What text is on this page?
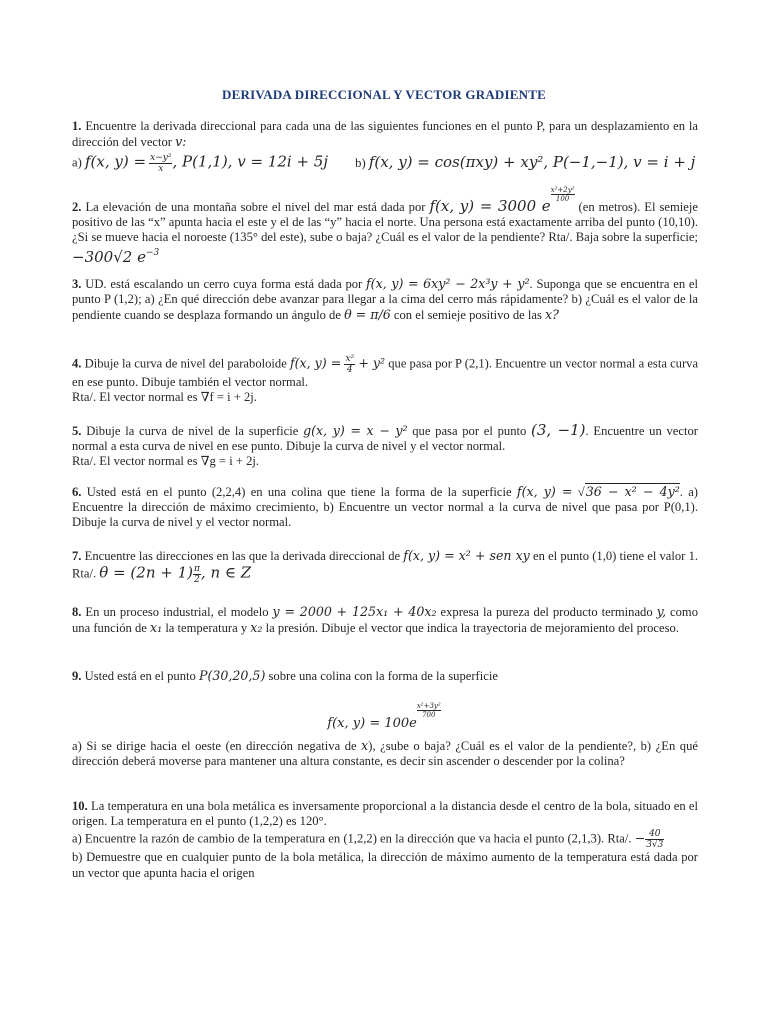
DERIVADA DIRECCIONAL Y VECTOR GRADIENTE
1. Encuentre la derivada direccional para cada una de las siguientes funciones en el punto P, para un desplazamiento en la dirección del vector v:
a) f(x, $y) = \frac{\text{x−y²}}{x}$ , P(1,1), v = 12i + 5j b) f(x, y) = cos(πxy) + xy², P(−1,−1), v = i + j
2. La elevación de una montaña sobre el nivel del mar está dada por f(x, y) = 3000 e
$\frac{\text{x²+2y²}}{100}$
(en metros). El semieje positivo de las “x” apunta hacia el este y el de las “y” hacia el norte. Una persona está exactamente arriba del punto (10,10). ¿Si se mueve hacia el noroeste (135° del este), sube o baja? ¿Cuál es el valor de la pendiente? Rta/. Baja sobre la superficie; −300√2 $e^{-3}$
3. UD. está escalando un cerro cuya forma está dada por f(x, y) = 6xy² − 2x³y + y². Suponga que se encuentra en el punto P (1,2); a) ¿En qué dirección debe avanzar para llegar a la cima del cerro más rápidamente? b) ¿Cuál es el valor de la pendiente cuando se desplaza formando un ángulo de θ = π/6 con el semieje positivo de las x?
4. Dibuje la curva de nivel del paraboloide f(x, $y) = \frac{\text{x²}}{4} + y^2$ que pasa por P (2,1). Encuentre un vector normal a esta curva en ese punto. Dibuje también el vector normal.
Rta/. El vector normal es ∇f = i + 2j.
5. Dibuje la curva de nivel de la superficie g(x, y) = x − y² que pasa por el punto (3, −1). Encuentre un vector normal a esta curva de nivel en ese punto. Dibuje la curva de nivel y el vector normal.
Rta/. El vector normal es ∇g = i + 2j.
6. Usted está en el punto (2,2,4) en una colina que tiene la forma de la superficie f(x, y) = √36 − x² − 4y². a) Encuentre la dirección de máximo crecimiento, b) Encuentre un vector normal a la curva de nivel que pasa por P(0,1). Dibuje la curva de nivel y el vector normal.
7. Encuentre las direcciones en las que la derivada direccional de f(x, y) = x² + sen xy en el punto (1,0) tiene el valor 1. Rta/. $\theta = (2n + 1) \frac{\pi}{2}$ , n ∈ Z
8. En un proceso industrial, el modelo y = 2000 + 125x₁ + 40x₂ expresa la pureza del producto terminado y, como una función de x₁ la temperatura y x₂ la presión. Dibuje el vector que indica la trayectoria de mejoramiento del proceso.
9. Usted está en el punto P(30,20,5) sobre una colina con la forma de la superficie
f(x, y) = 100e
$\frac{\text{x²+3y²}}{700}$
a) Si se dirige hacia el oeste (en dirección negativa de x), ¿sube o baja? ¿Cuál es el valor de la pendiente?, b) ¿En qué dirección deberá moverse para mantener una altura constante, es decir sin ascender o descender por la colina?
10. La temperatura en una bola metálica es inversamente proporcional a la distancia desde el centro de la bola, situado en el origen. La temperatura en el punto (1,2,2) es 120°.
a) Encuentre la razón de cambio de la temperatura en (1,2,2) en la dirección que va hacia el punto (2,1,3). Rta/. − $\frac{40}{3√3}$
b) Demuestre que en cualquier punto de la bola metálica, la dirección de máximo aumento de la temperatura está dada por un vector que apunta hacia el origen
